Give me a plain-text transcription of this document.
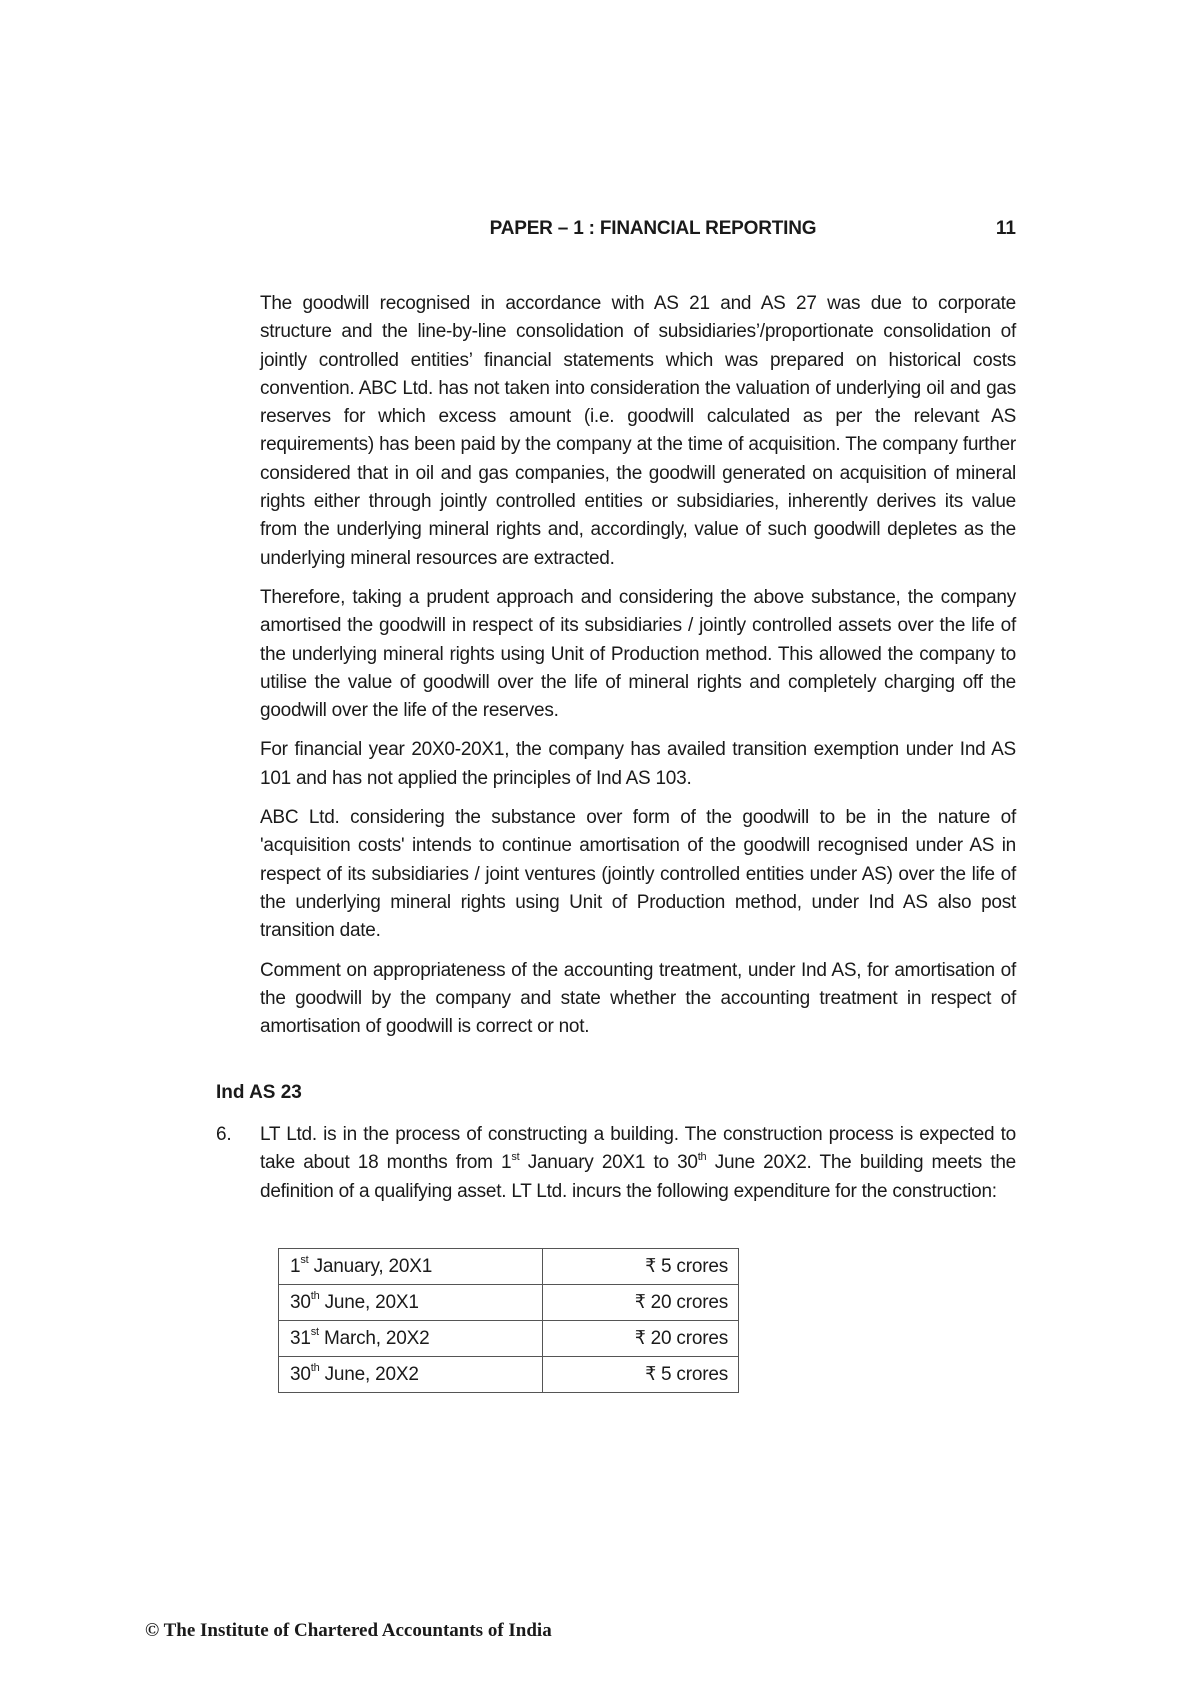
PAPER – 1 : FINANCIAL REPORTING	11

The goodwill recognised in accordance with AS 21 and AS 27 was due to corporate structure and the line-by-line consolidation of subsidiaries’/proportionate consolidation of jointly controlled entities’ financial statements which was prepared on historical costs convention. ABC Ltd. has not taken into consideration the valuation of underlying oil and gas reserves for which excess amount (i.e. goodwill calculated as per the relevant AS requirements) has been paid by the company at the time of acquisition. The company further considered that in oil and gas companies, the goodwill generated on acquisition of mineral rights either through jointly controlled entities or subsidiaries, inherently derives its value from the underlying mineral rights and, accordingly, value of such goodwill depletes as the underlying mineral resources are extracted.

Therefore, taking a prudent approach and considering the above substance, the company amortised the goodwill in respect of its subsidiaries / jointly controlled assets over the life of the underlying mineral rights using Unit of Production method. This allowed the company to utilise the value of goodwill over the life of mineral rights and completely charging off the goodwill over the life of the reserves.

For financial year 20X0-20X1, the company has availed transition exemption under Ind AS 101 and has not applied the principles of Ind AS 103.

ABC Ltd. considering the substance over form of the goodwill to be in the nature of 'acquisition costs' intends to continue amortisation of the goodwill recognised under AS in respect of its subsidiaries / joint ventures (jointly controlled entities under AS) over the life of the underlying mineral rights using Unit of Production method, under Ind AS also post transition date.

Comment on appropriateness of the accounting treatment, under Ind AS, for amortisation of the goodwill by the company and state whether the accounting treatment in respect of amortisation of goodwill is correct or not.

Ind AS 23
6. LT Ltd. is in the process of constructing a building. The construction process is expected to take about 18 months from 1st January 20X1 to 30th June 20X2. The building meets the definition of a qualifying asset. LT Ltd. incurs the following expenditure for the construction:
1st January, 20X1	₹ 5 crores
30th June, 20X1	₹ 20 crores
31st March, 20X2	₹ 20 crores
30th June, 20X2	₹ 5 crores
© The Institute of Chartered Accountants of India
